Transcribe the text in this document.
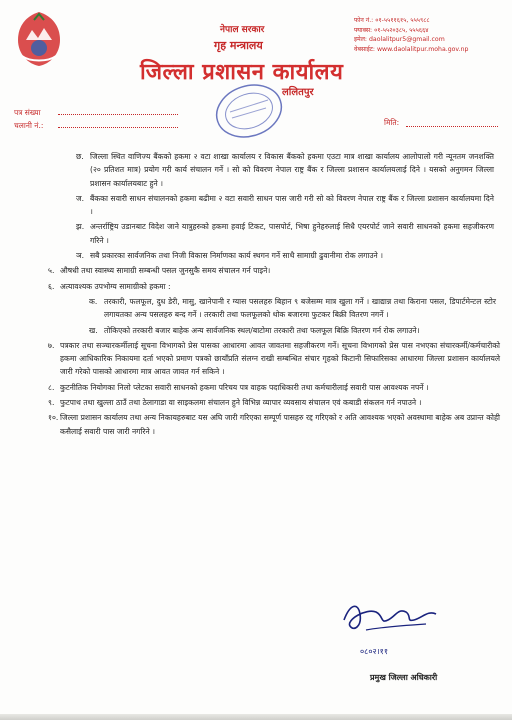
नेपाल सरकार
गृह मन्त्रालय
जिल्ला प्रशासन कार्यालय
ललितपुर
फोन नं.: ०१-५५११६१५, ५५५९८८
फ्याक्स: ०१-५५२०३८५, ५५५६६४
इमेल: daolalitpur5@gmail.com
वेबसाईट: www.daolalitpur.moha.gov.np
पत्र संख्या
चलानी नं.:	मिति:
छ. जिल्ला स्थित वाणिज्य बैंकको हकमा २ वटा शाखा कार्यालय र विकास बैंकको हकमा एउटा मात्र शाखा कार्यालय आलोपालो गरी न्यूनतम जनशक्ति (२० प्रतिशत मात्र) प्रयोग गरी कार्य संचालन गर्ने । सो को विवरण नेपाल राष्ट्र बैंक र जिल्ला प्रशासन कार्यालयलाई दिने । यसको अनुगमन जिल्ला प्रशासन कार्यालयबाट हुने ।
ज. बैंकका सवारी साधन संचालनको हकमा बढीमा २ वटा सवारी साधन पास जारी गरी सो को विवरण नेपाल राष्ट्र बैंक र जिल्ला प्रशासन कार्यालयमा दिने ।
झ. अन्तर्राष्ट्रिय उडानबाट विदेश जाने यात्रुहरुको हकमा हवाई टिकट, पासपोर्ट, भिषा हुनेहरुलाई सिधै एयरपोर्ट जाने सवारी साधनको हकमा सहजीकरण गरिने ।
ञ. सबै प्रकारका सार्वजनिक तथा निजी विकास निर्माणका कार्य स्थगन गर्ने साथै सामाग्री ढुवानीमा रोक लगाउने ।
५. औषधी तथा स्वास्थ्य सामाग्री सम्बन्धी पसल जुनसुकै समय संचालन गर्न पाइने।
६. अत्यावश्यक उपभोग्य सामाग्रीको हकमा :
क. तरकारी, फलफूल, दुध डेरी, मासु, खानेपानी र ग्यास पसलहरु बिहान ९ बजेसम्म मात्र खुला गर्ने । खाद्यान्न तथा किराना पसल, डिपार्टमेन्टल स्टोर लगायतका अन्य पसलहरु बन्द गर्ने । तरकारी तथा फलफूलको थोक बजारमा फुटकर बिक्री वितरण नगर्ने ।
ख. तोकिएको तरकारी बजार बाहेक अन्य सार्वजनिक स्थल/बाटोमा तरकारी तथा फलफूल बिक्रि वितरण गर्न रोक लगाउने।
७. पत्रकार तथा सञ्चारकर्मीलाई सूचना विभागको प्रेस पासका आधारमा आवत जावतमा सहजीकरण गर्ने। सूचना विभागको प्रेस पास नभएका संचारकर्मी/कर्मचारीको हकमा आधिकारिक निकायमा दर्ता भएको प्रमाण पत्रको छायाँप्रति संलग्न राखी सम्बन्धित संचार गृहको किटानी सिफारिसका आधारमा जिल्ला प्रशासन कार्यालयले जारी गरेको पासको आधारमा मात्र आवत जावत गर्न सकिने ।
८. कुटनीतिक नियोगका निलो प्लेटका सवारी साधनको हकमा परिचय पत्र वाहक पदाधिकारी तथा कर्मचारीलाई सवारी पास आवश्यक नपर्ने ।
९. फुटपाथ तथा खुल्ला ठाउँ तथा ठेलागाडा वा साइकलमा संचालन हुने विभिन्न व्यापार व्यवसाय संचालन एवं कबाडी संकलन गर्न नपाउने ।
१०. जिल्ला प्रशासन कार्यालय तथा अन्य निकायहरुबाट यस अघि जारी गरिएका सम्पूर्ण पासहरु रद्द गरिएको र अति आवश्यक भएको अवस्थामा बाहेक अब उप्रान्त कोही कसैलाई सवारी पास जारी नगरिने ।
०८०२।११
प्रमुख जिल्ला अधिकारी
